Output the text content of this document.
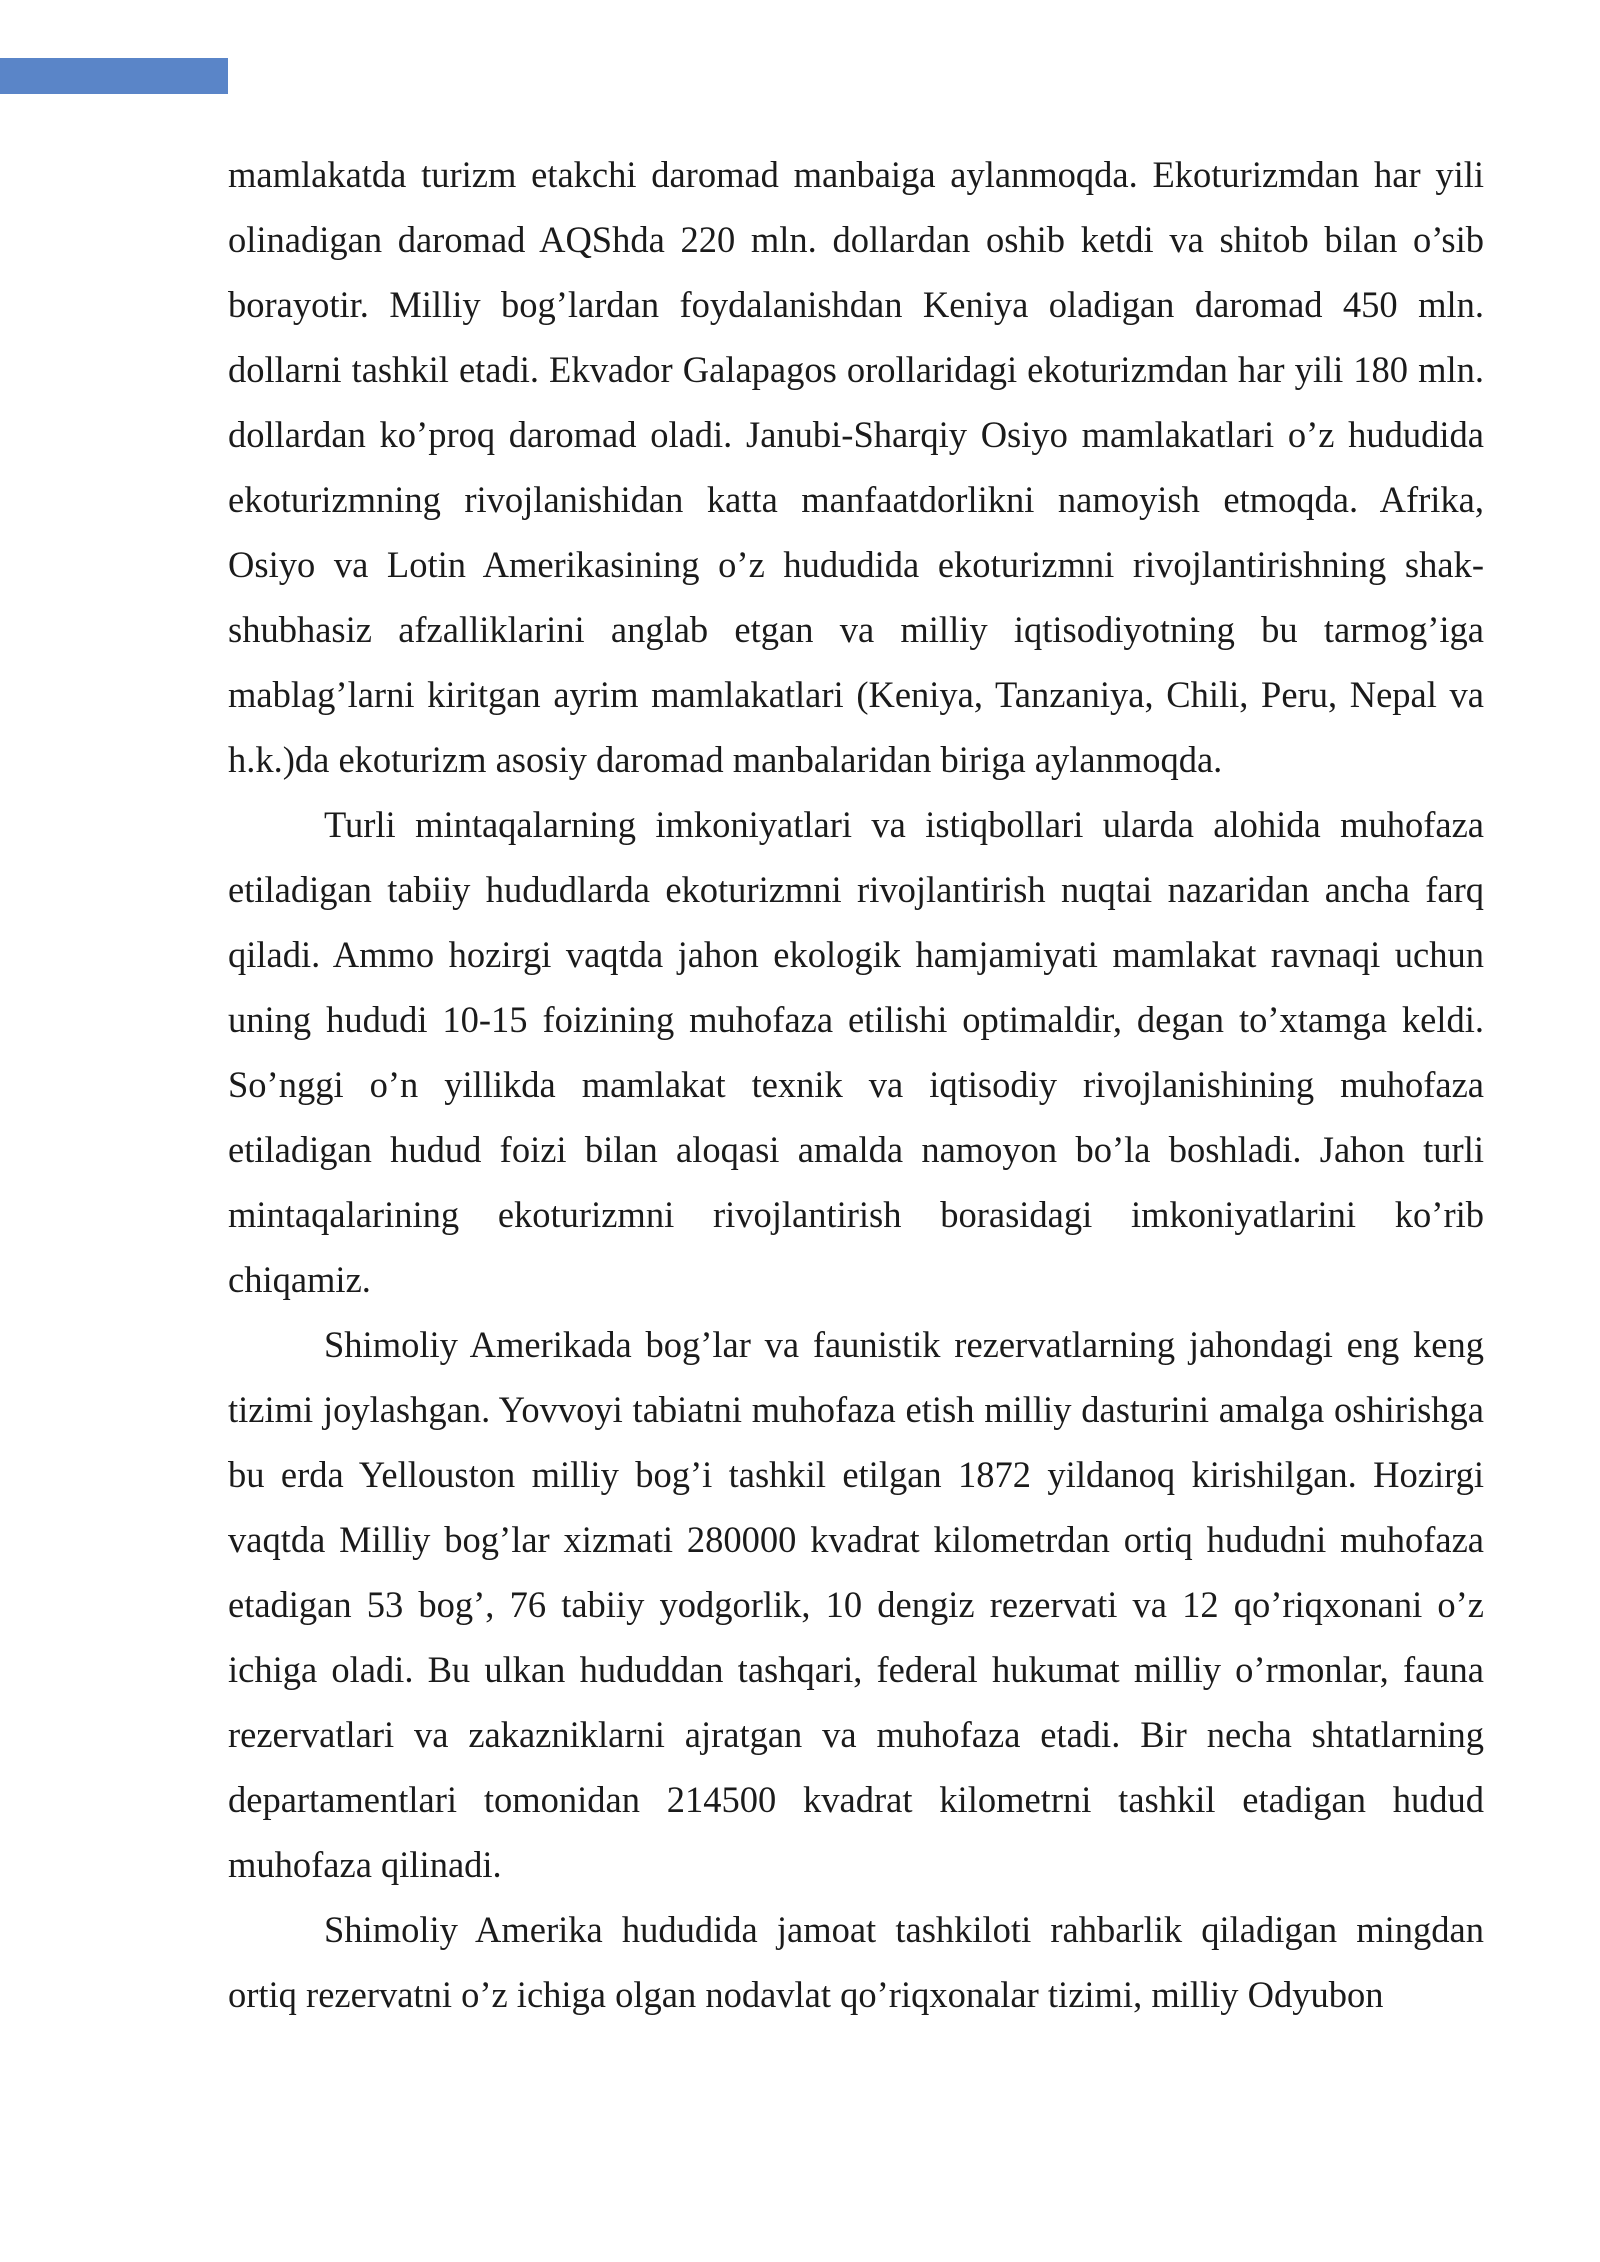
mamlakatda turizm etakchi daromad manbaiga aylanmoqda. Ekoturizmdan har yili olinadigan daromad AQShda 220 mln. dollardan oshib ketdi va shitob bilan o’sib borayotir. Milliy bog’lardan foydalanishdan Keniya oladigan daromad 450 mln. dollarni tashkil etadi. Ekvador Galapagos orollaridagi ekoturizmdan har yili 180 mln. dollardan ko’proq daromad oladi. Janubi-Sharqiy Osiyo mamlakatlari o’z hududida ekoturizmning rivojlanishidan katta manfaatdorlikni namoyish etmoqda. Afrika, Osiyo va Lotin Amerikasining o’z hududida ekoturizmni rivojlantirishning shak-shubhasiz afzalliklarini anglab etgan va milliy iqtisodiyotning bu tarmog’iga mablag’larni kiritgan ayrim mamlakatlari (Keniya, Tanzaniya, Chili, Peru, Nepal va h.k.)da ekoturizm asosiy daromad manbalaridan biriga aylanmoqda.

Turli mintaqalarning imkoniyatlari va istiqbollari ularda alohida muhofaza etiladigan tabiiy hududlarda ekoturizmni rivojlantirish nuqtai nazaridan ancha farq qiladi. Ammo hozirgi vaqtda jahon ekologik hamjamiyati mamlakat ravnaqi uchun uning hududi 10-15 foizining muhofaza etilishi optimaldir, degan to’xtamga keldi. So’nggi o’n yillikda mamlakat texnik va iqtisodiy rivojlanishining muhofaza etiladigan hudud foizi bilan aloqasi amalda namoyon bo’la boshladi. Jahon turli mintaqalarining ekoturizmni rivojlantirish borasidagi imkoniyatlarini ko’rib chiqamiz.

Shimoliy Amerikada bog’lar va faunistik rezervatlarning jahondagi eng keng tizimi joylashgan. Yovvoyi tabiatni muhofaza etish milliy dasturini amalga oshirishga bu erda Yellouston milliy bog’i tashkil etilgan 1872 yildanoq kirishilgan. Hozirgi vaqtda Milliy bog’lar xizmati 280000 kvadrat kilometrdan ortiq hududni muhofaza etadigan 53 bog’, 76 tabiiy yodgorlik, 10 dengiz rezervati va 12 qo’riqxonani o’z ichiga oladi. Bu ulkan hududdan tashqari, federal hukumat milliy o’rmonlar, fauna rezervatlari va zakazniklarni ajratgan va muhofaza etadi. Bir necha shtatlarning departamentlari tomonidan 214500 kvadrat kilometrni tashkil etadigan hudud muhofaza qilinadi.

Shimoliy Amerika hududida jamoat tashkiloti rahbarlik qiladigan mingdan ortiq rezervatni o’z ichiga olgan nodavlat qo’riqxonalar tizimi, milliy Odyubon
